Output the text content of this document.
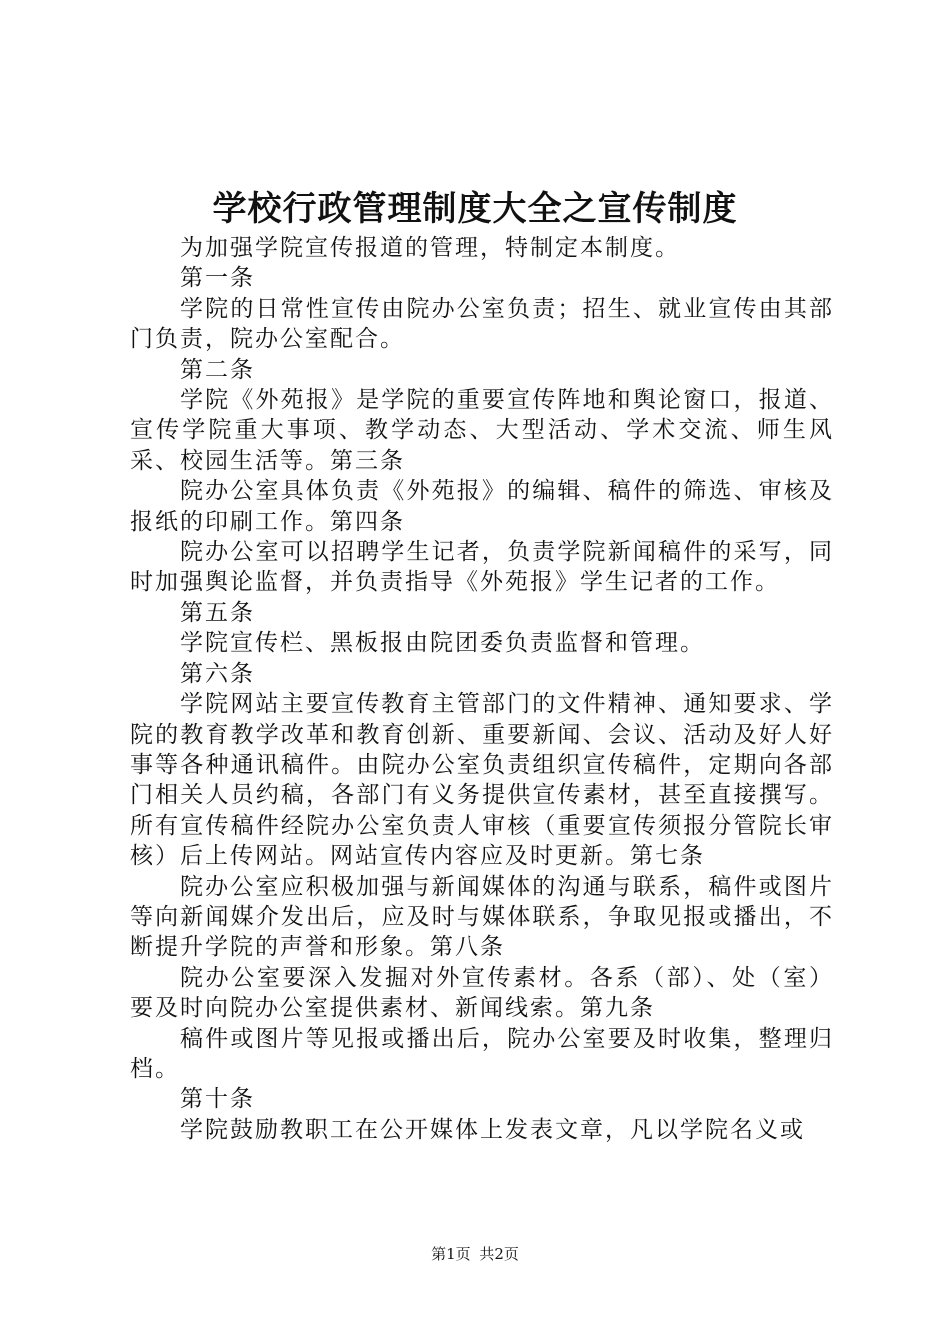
学校行政管理制度大全之宣传制度

为加强学院宣传报道的管理，特制定本制度。

第一条

学院的日常性宣传由院办公室负责；招生、就业宣传由其部门负责，院办公室配合。

第二条

学院《外苑报》是学院的重要宣传阵地和舆论窗口，报道、宣传学院重大事项、教学动态、大型活动、学术交流、师生风采、校园生活等。第三条

院办公室具体负责《外苑报》的编辑、稿件的筛选、审核及报纸的印刷工作。第四条

院办公室可以招聘学生记者，负责学院新闻稿件的采写，同时加强舆论监督，并负责指导《外苑报》学生记者的工作。

第五条

学院宣传栏、黑板报由院团委负责监督和管理。

第六条

学院网站主要宣传教育主管部门的文件精神、通知要求、学院的教育教学改革和教育创新、重要新闻、会议、活动及好人好事等各种通讯稿件。由院办公室负责组织宣传稿件，定期向各部门相关人员约稿，各部门有义务提供宣传素材，甚至直接撰写。所有宣传稿件经院办公室负责人审核（重要宣传须报分管院长审核）后上传网站。网站宣传内容应及时更新。第七条

院办公室应积极加强与新闻媒体的沟通与联系，稿件或图片等向新闻媒介发出后，应及时与媒体联系，争取见报或播出，不断提升学院的声誉和形象。第八条

院办公室要深入发掘对外宣传素材。各系（部）、处（室）要及时向院办公室提供素材、新闻线索。第九条

稿件或图片等见报或播出后，院办公室要及时收集，整理归档。

第十条

学院鼓励教职工在公开媒体上发表文章，凡以学院名义或

第1页 共2页
